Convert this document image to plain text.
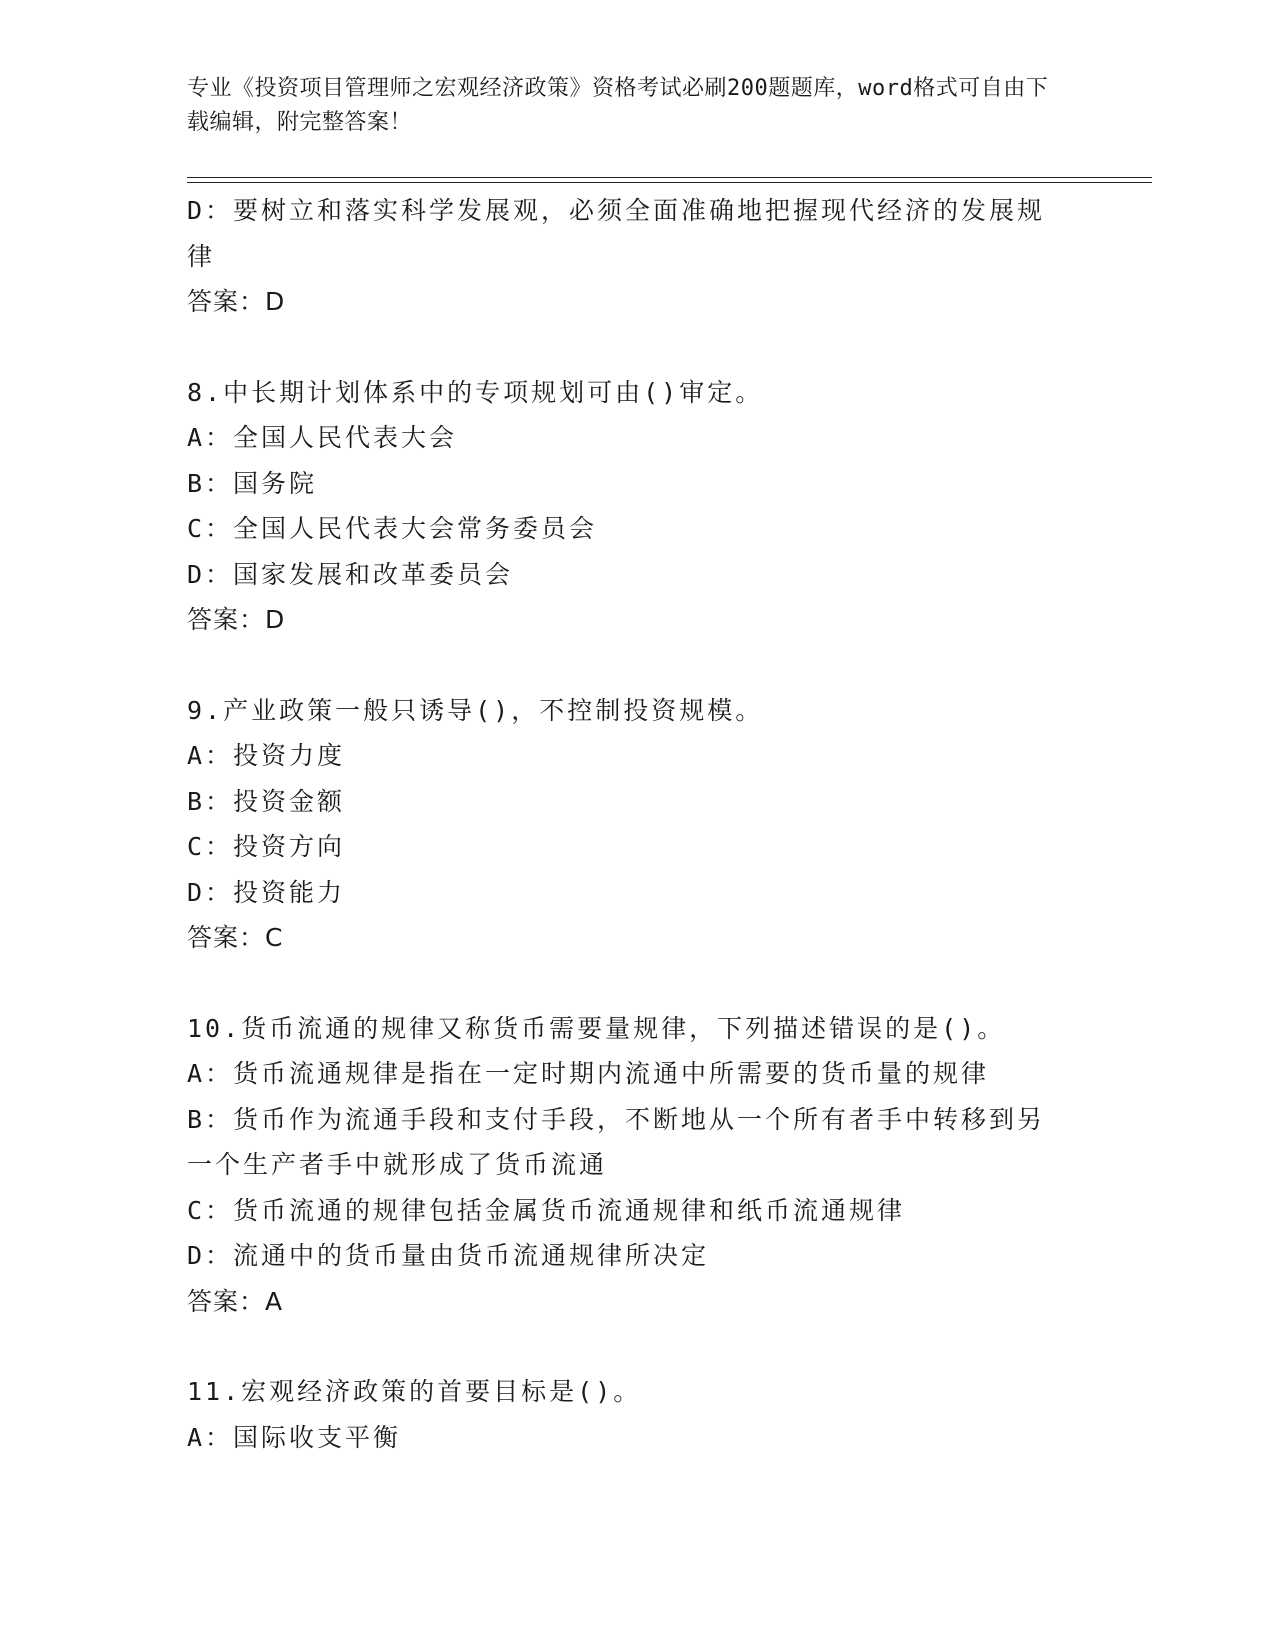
专业《投资项目管理师之宏观经济政策》资格考试必刷200题题库，word格式可自由下载编辑，附完整答案！
D：要树立和落实科学发展观，必须全面准确地把握现代经济的发展规律
答案：D
8.中长期计划体系中的专项规划可由()审定。
A：全国人民代表大会
B：国务院
C：全国人民代表大会常务委员会
D：国家发展和改革委员会
答案：D
9.产业政策一般只诱导()，不控制投资规模。
A：投资力度
B：投资金额
C：投资方向
D：投资能力
答案：C
10.货币流通的规律又称货币需要量规律，下列描述错误的是()。
A：货币流通规律是指在一定时期内流通中所需要的货币量的规律
B：货币作为流通手段和支付手段，不断地从一个所有者手中转移到另一个生产者手中就形成了货币流通
C：货币流通的规律包括金属货币流通规律和纸币流通规律
D：流通中的货币量由货币流通规律所决定
答案：A
11.宏观经济政策的首要目标是()。
A：国际收支平衡
